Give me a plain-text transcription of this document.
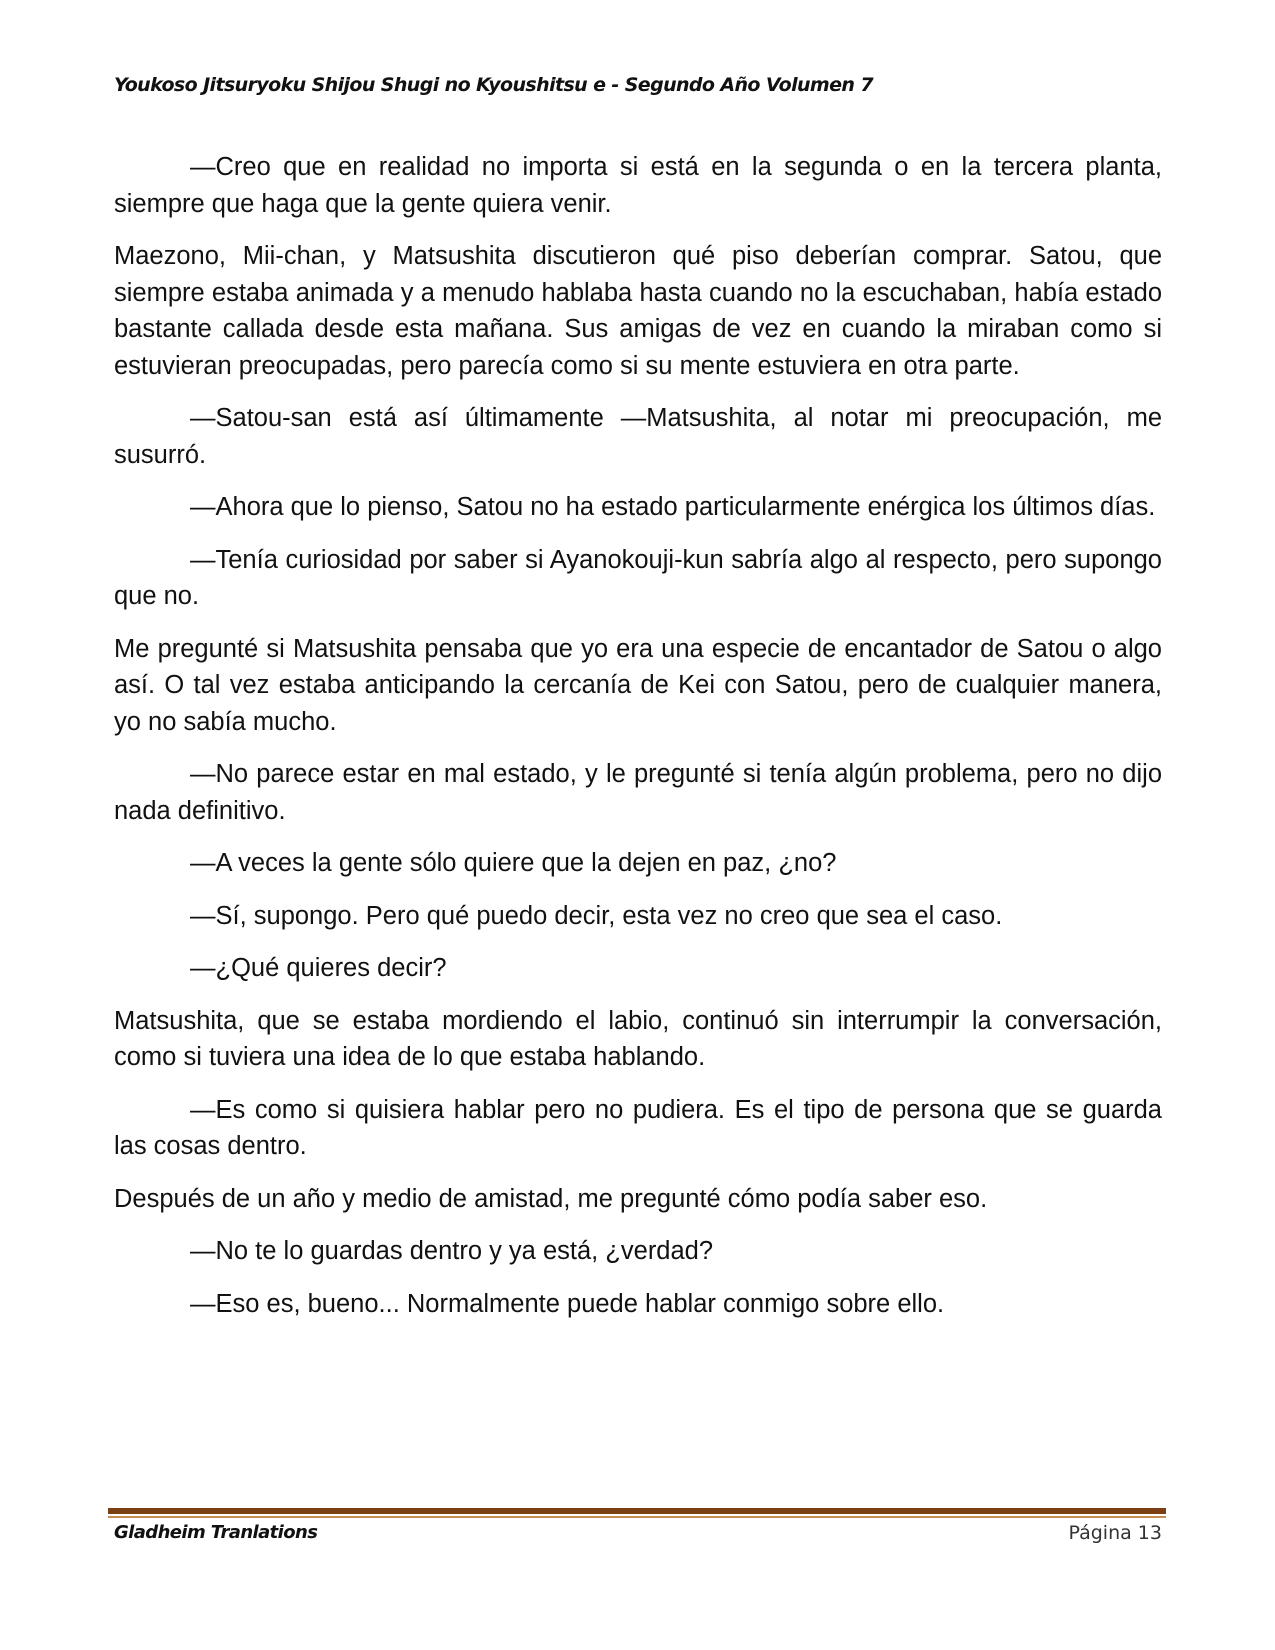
Youkoso Jitsuryoku Shijou Shugi no Kyoushitsu e - Segundo Año Volumen 7

—Creo que en realidad no importa si está en la segunda o en la tercera planta, siempre que haga que la gente quiera venir.

Maezono, Mii-chan, y Matsushita discutieron qué piso deberían comprar. Satou, que siempre estaba animada y a menudo hablaba hasta cuando no la escuchaban, había estado bastante callada desde esta mañana. Sus amigas de vez en cuando la miraban como si estuvieran preocupadas, pero parecía como si su mente estuviera en otra parte.

—Satou-san está así últimamente —Matsushita, al notar mi preocupación, me susurró.

—Ahora que lo pienso, Satou no ha estado particularmente enérgica los últimos días.

—Tenía curiosidad por saber si Ayanokouji-kun sabría algo al respecto, pero supongo que no.

Me pregunté si Matsushita pensaba que yo era una especie de encantador de Satou o algo así. O tal vez estaba anticipando la cercanía de Kei con Satou, pero de cualquier manera, yo no sabía mucho.

—No parece estar en mal estado, y le pregunté si tenía algún problema, pero no dijo nada definitivo.

—A veces la gente sólo quiere que la dejen en paz, ¿no?

—Sí, supongo. Pero qué puedo decir, esta vez no creo que sea el caso.

—¿Qué quieres decir?

Matsushita, que se estaba mordiendo el labio, continuó sin interrumpir la conversación, como si tuviera una idea de lo que estaba hablando.

—Es como si quisiera hablar pero no pudiera. Es el tipo de persona que se guarda las cosas dentro.

Después de un año y medio de amistad, me pregunté cómo podía saber eso.

—No te lo guardas dentro y ya está, ¿verdad?

—Eso es, bueno... Normalmente puede hablar conmigo sobre ello.

Gladheim Tranlations	Página 13
